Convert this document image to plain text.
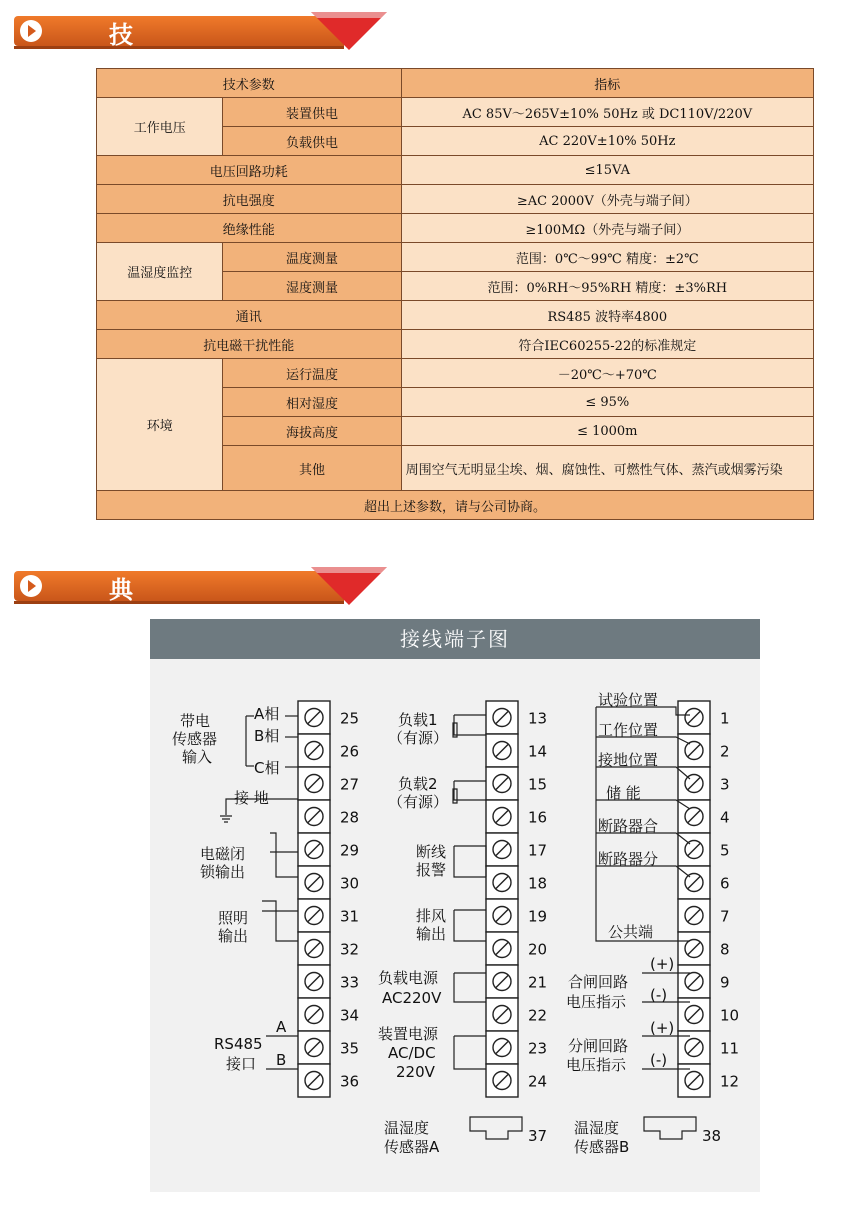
技
技术参数		指标
工作电压	装置供电	AC 85V～265V±10% 50Hz 或 DC110V/220V
	负载供电	AC 220V±10% 50Hz
电压回路功耗		≤15VA
抗电强度		≥AC 2000V（外壳与端子间）
绝缘性能		≥100MΩ（外壳与端子间）
温湿度监控	温度测量	范围：0℃～99℃ 精度：±2℃
	湿度测量	范围：0%RH～95%RH 精度：±3%RH
通讯		RS485 波特率4800
抗电磁干扰性能		符合IEC60255-22的标准规定
环境	运行温度	－20℃～+70℃
	相对湿度	≤ 95%
	海拔高度	≤ 1000m
	其他	周围空气无明显尘埃、烟、腐蚀性、可燃性气体、蒸汽或烟雾污染
超出上述参数，请与公司协商。		
典型接线图
接线端子图
25
26
27
28
29
30
31
32
33
34
35
36
13
14
15
16
17
18
19
20
21
22
23
24
1
2
3
4
5
6
7
8
9
10
11
12
带电
传感器
输入
A相
B相
C相
接 地
电磁闭
锁输出
照明
输出
RS485
接口
A
B
负载1
（有源）
负载2
（有源）
断线
报警
排风
输出
负载电源
AC220V
装置电源
AC/DC
220V
试验位置
工作位置
接地位置
储 能
断路器合
断路器分
公共端
合闸回路
电压指示
分闸回路
电压指示
(+)
(-)
(+)
(-)
温湿度
传感器A
37 温湿度
传感器B
38
